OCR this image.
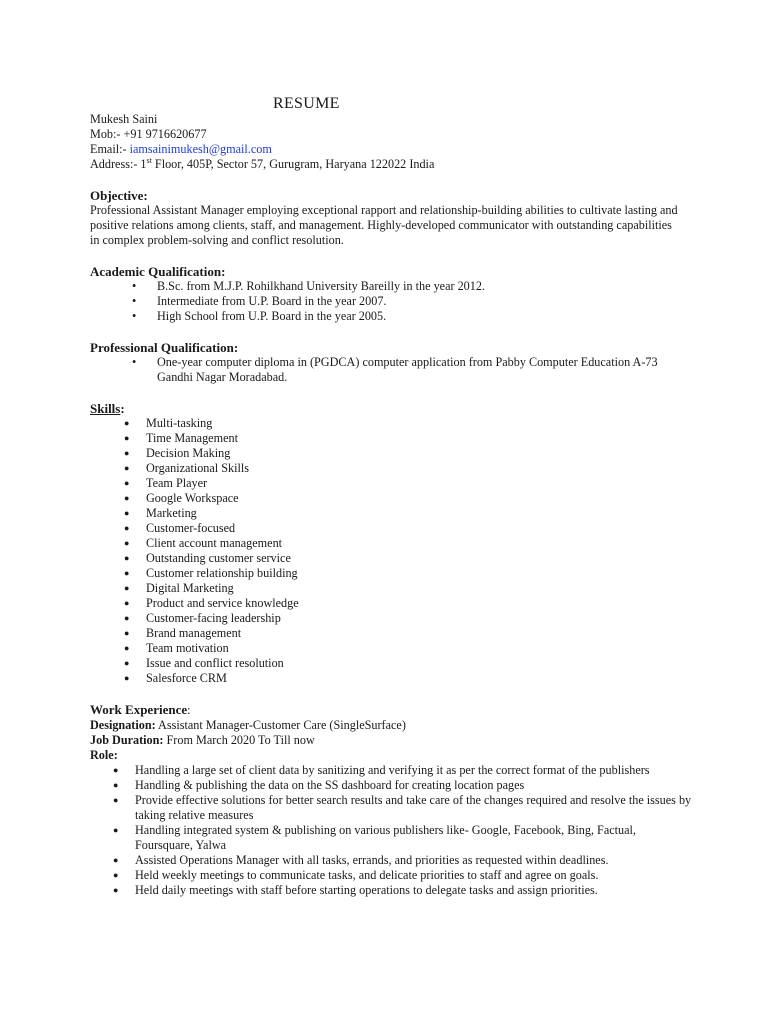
RESUME
Mukesh Saini
Mob:- +91 9716620677
Email:- iamsainimukesh@gmail.com
Address:- 1st Floor, 405P, Sector 57, Gurugram, Haryana 122022 India
Objective:
Professional Assistant Manager employing exceptional rapport and relationship-building abilities to cultivate lasting and positive relations among clients, staff, and management. Highly-developed communicator with outstanding capabilities in complex problem-solving and conflict resolution.
Academic Qualification:
• B.Sc. from M.J.P. Rohilkhand University Bareilly in the year 2012.
• Intermediate from U.P. Board in the year 2007.
• High School from U.P. Board in the year 2005.
Professional Qualification:
• One-year computer diploma in (PGDCA) computer application from Pabby Computer Education A-73 Gandhi Nagar Moradabad.
Skills:
● Multi-tasking
● Time Management
● Decision Making
● Organizational Skills
● Team Player
● Google Workspace
● Marketing
● Customer-focused
● Client account management
● Outstanding customer service
● Customer relationship building
● Digital Marketing
● Product and service knowledge
● Customer-facing leadership
● Brand management
● Team motivation
● Issue and conflict resolution
● Salesforce CRM
Work Experience:
Designation: Assistant Manager-Customer Care (SingleSurface)
Job Duration: From March 2020 To Till now
Role:
● Handling a large set of client data by sanitizing and verifying it as per the correct format of the publishers
● Handling & publishing the data on the SS dashboard for creating location pages
● Provide effective solutions for better search results and take care of the changes required and resolve the issues by taking relative measures
● Handling integrated system & publishing on various publishers like- Google, Facebook, Bing, Factual, Foursquare, Yalwa
● Assisted Operations Manager with all tasks, errands, and priorities as requested within deadlines.
● Held weekly meetings to communicate tasks, and delicate priorities to staff and agree on goals.
● Held daily meetings with staff before starting operations to delegate tasks and assign priorities.
